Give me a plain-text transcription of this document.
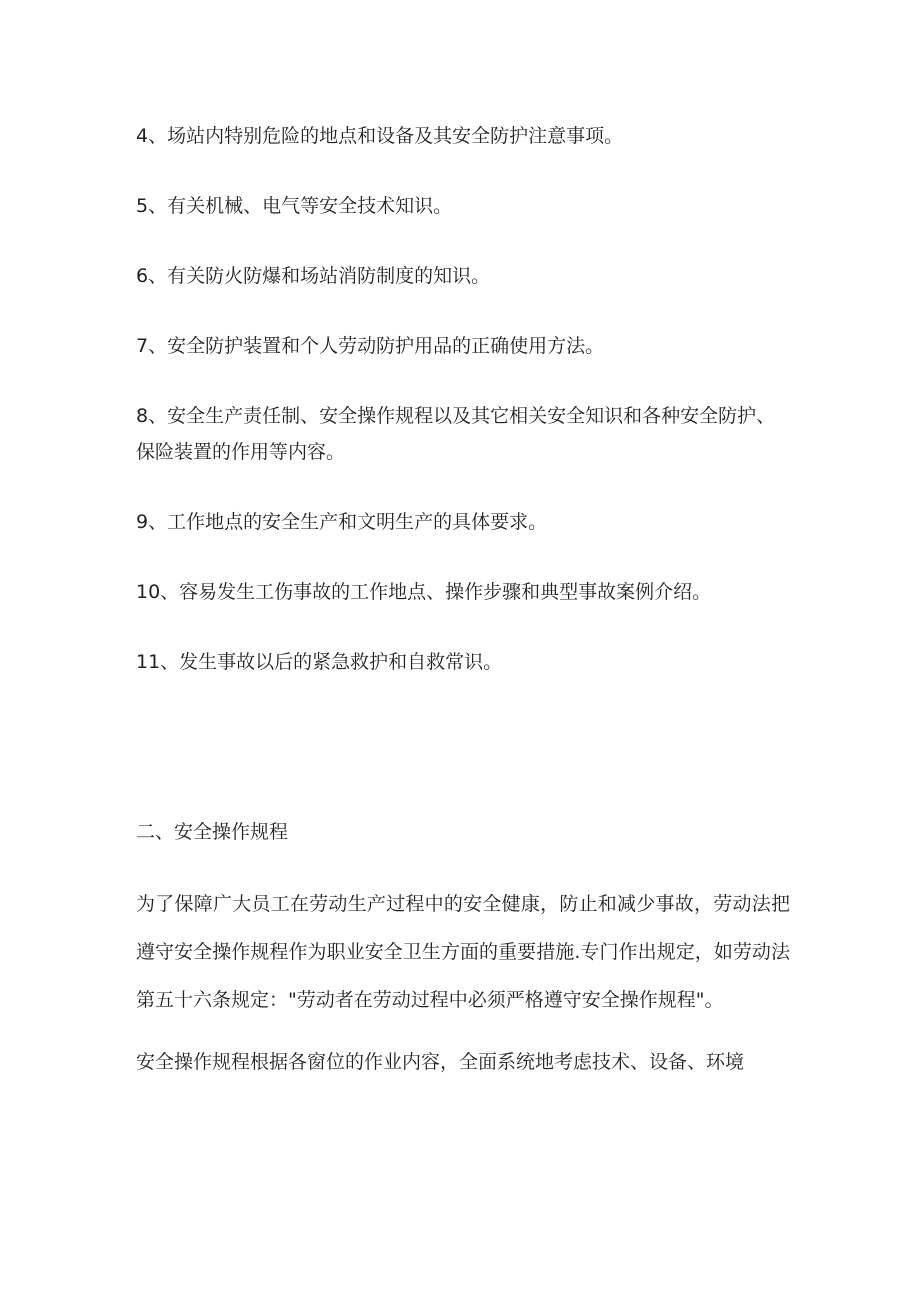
4、场站内特别危险的地点和设备及其安全防护注意事项。

5、有关机械、电气等安全技术知识。

6、有关防火防爆和场站消防制度的知识。

7、安全防护装置和个人劳动防护用品的正确使用方法。

8、安全生产责任制、安全操作规程以及其它相关安全知识和各种安全防护、保险装置的作用等内容。

9、工作地点的安全生产和文明生产的具体要求。

10、容易发生工伤事故的工作地点、操作步骤和典型事故案例介绍。

11、发生事故以后的紧急救护和自救常识。

二、安全操作规程

为了保障广大员工在劳动生产过程中的安全健康，防止和减少事故，劳动法把遵守安全操作规程作为职业安全卫生方面的重要措施.专门作出规定，如劳动法第五十六条规定："劳动者在劳动过程中必须严格遵守安全操作规程"。

安全操作规程根据各窗位的作业内容，全面系统地考虑技术、设备、环境
